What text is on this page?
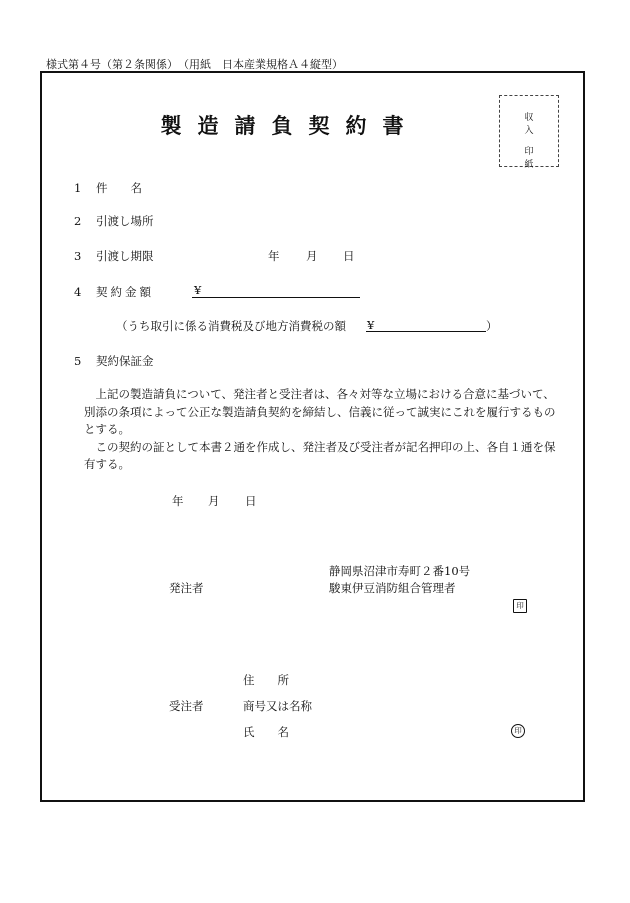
様式第４号（第２条関係）　（用紙　日本産業規格Ａ４縦型）
製造請負契約書	収入
印紙
1 件　　名
2 引渡し場所
3 引渡し期限	年 月 日
4 契約金額	¥
（うち取引に係る消費税及び地方消費税の額 ¥	）
5 契約保証金

上記の製造請負について、発注者と受注者は、各々対等な立場における合意に基づいて、別添の条項によって公正な製造請負契約を締結し、信義に従って誠実にこれを履行するものとする。

この契約の証として本書２通を作成し、発注者及び受注者が記名押印の上、各自１通を保有する。

年 月 日
静岡県沼津市寿町２番10号
発注者	駿東伊豆消防組合管理者
印
住　　所
受注者	商号又は名称
氏　　名	印
